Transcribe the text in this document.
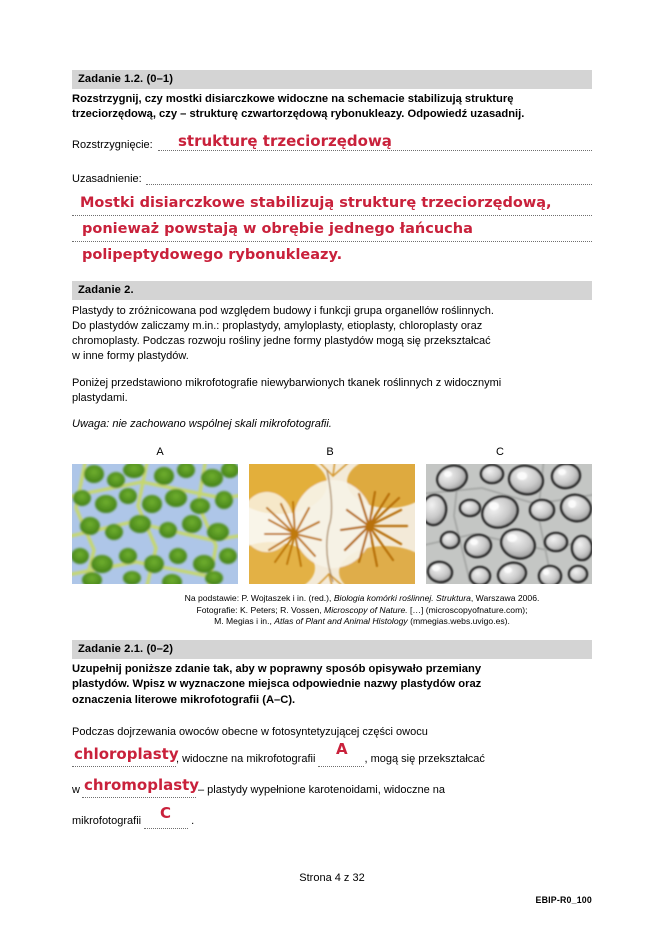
Zadanie 1.2. (0–1)
Rozstrzygnij, czy mostki disiarczkowe widoczne na schemacie stabilizują strukturę
trzeciorzędową, czy – strukturę czwartorzędową rybonukleazy. Odpowiedź uzasadnij.
Rozstrzygnięcie: strukturę trzeciorzędową
Uzasadnienie:
Mostki disiarczkowe stabilizują strukturę trzeciorzędową,
ponieważ powstają w obrębie jednego łańcucha
polipeptydowego rybonukleazy.
Zadanie 2.
Plastydy to zróżnicowana pod względem budowy i funkcji grupa organellów roślinnych.
Do plastydów zaliczamy m.in.: proplastydy, amyloplasty, etioplasty, chloroplasty oraz
chromoplasty. Podczas rozwoju rośliny jedne formy plastydów mogą się przekształcać
w inne formy plastydów.
Poniżej przedstawiono mikrofotografie niewybarwionych tkanek roślinnych z widocznymi
plastydami.
Uwaga: nie zachowano wspólnej skali mikrofotografii.
A	B	C
Na podstawie: P. Wojtaszek i in. (red.), Biologia komórki roślinnej. Struktura, Warszawa 2006.
Fotografie: K. Peters; R. Vossen, Microscopy of Nature. […] (microscopyofnature.com);
M. Megias i in., Atlas of Plant and Animal Histology (mmegias.webs.uvigo.es).
Zadanie 2.1. (0–2)
Uzupełnij poniższe zdanie tak, aby w poprawny sposób opisywało przemiany
plastydów. Wpisz w wyznaczone miejsca odpowiednie nazwy plastydów oraz
oznaczenia literowe mikrofotografii (A–C).
Podczas dojrzewania owoców obecne w fotosyntetyzującej części owocu
, widoczne na mikrofotografii	, mogą się przekształcać
chloroplasty	A
w	– plastydy wypełnione karotenoidami, widoczne na
chromoplasty
mikrofotografii	.
C
Strona 4 z 32
EBIP-R0_100
